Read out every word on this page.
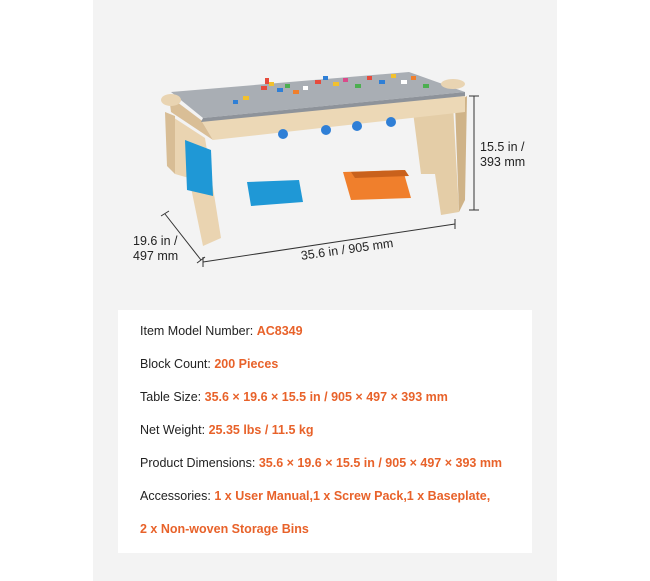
15.5 in /
393 mm
19.6 in /
497 mm	35.6 in / 905 mm
Item Model Number: AC8349
Block Count: 200 Pieces
Table Size: 35.6 × 19.6 × 15.5 in / 905 × 497 × 393 mm
Net Weight: 25.35 lbs / 11.5 kg
Product Dimensions: 35.6 × 19.6 × 15.5 in / 905 × 497 × 393 mm
Accessories: 1 x User Manual,1 x Screw Pack,1 x Baseplate,
2 x Non-woven Storage Bins
